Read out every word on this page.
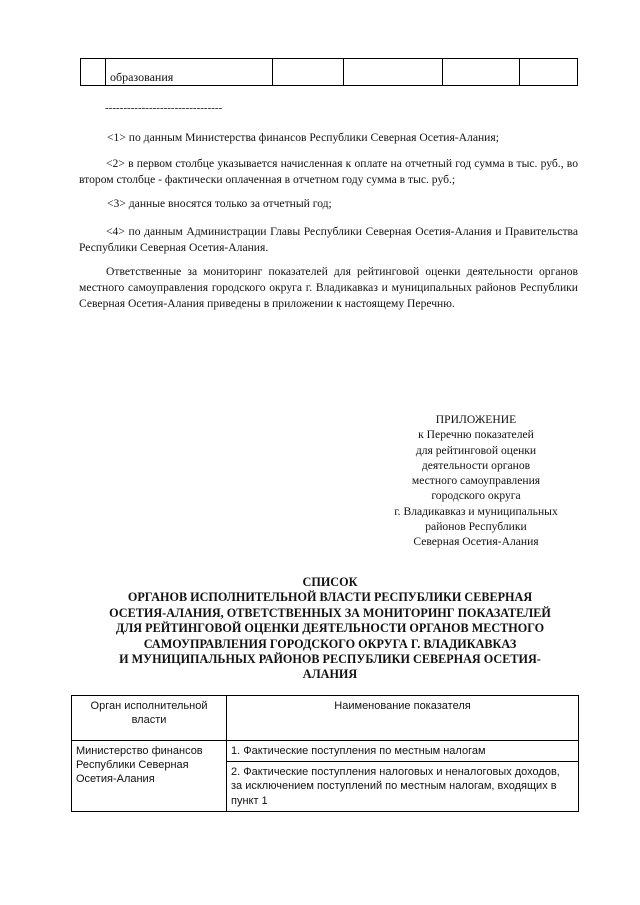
	образования				
--------------------------------
<1> по данным Министерства финансов Республики Северная Осетия-Алания;
<2> в первом столбце указывается начисленная к оплате на отчетный год сумма в тыс. руб., во втором столбце - фактически оплаченная в отчетном году сумма в тыс. руб.;
<3> данные вносятся только за отчетный год;
<4> по данным Администрации Главы Республики Северная Осетия-Алания и Правительства Республики Северная Осетия-Алания.
Ответственные за мониторинг показателей для рейтинговой оценки деятельности органов местного самоуправления городского округа г. Владикавказ и муниципальных районов Республики Северная Осетия-Алания приведены в приложении к настоящему Перечню.
ПРИЛОЖЕНИЕ
к Перечню показателей
для рейтинговой оценки
деятельности органов
местного самоуправления
городского округа
г. Владикавказ и муниципальных
районов Республики
Северная Осетия-Алания
СПИСОК
ОРГАНОВ ИСПОЛНИТЕЛЬНОЙ ВЛАСТИ РЕСПУБЛИКИ СЕВЕРНАЯ
ОСЕТИЯ-АЛАНИЯ, ОТВЕТСТВЕННЫХ ЗА МОНИТОРИНГ ПОКАЗАТЕЛЕЙ
ДЛЯ РЕЙТИНГОВОЙ ОЦЕНКИ ДЕЯТЕЛЬНОСТИ ОРГАНОВ МЕСТНОГО
САМОУПРАВЛЕНИЯ ГОРОДСКОГО ОКРУГА Г. ВЛАДИКАВКАЗ
И МУНИЦИПАЛЬНЫХ РАЙОНОВ РЕСПУБЛИКИ СЕВЕРНАЯ ОСЕТИЯ-
АЛАНИЯ
Орган исполнительной власти	Наименование показателя
Министерство финансов Республики Северная Осетия-Алания	1. Фактические поступления по местным налогам
	2. Фактические поступления налоговых и неналоговых доходов, за исключением поступлений по местным налогам, входящих в пункт 1
